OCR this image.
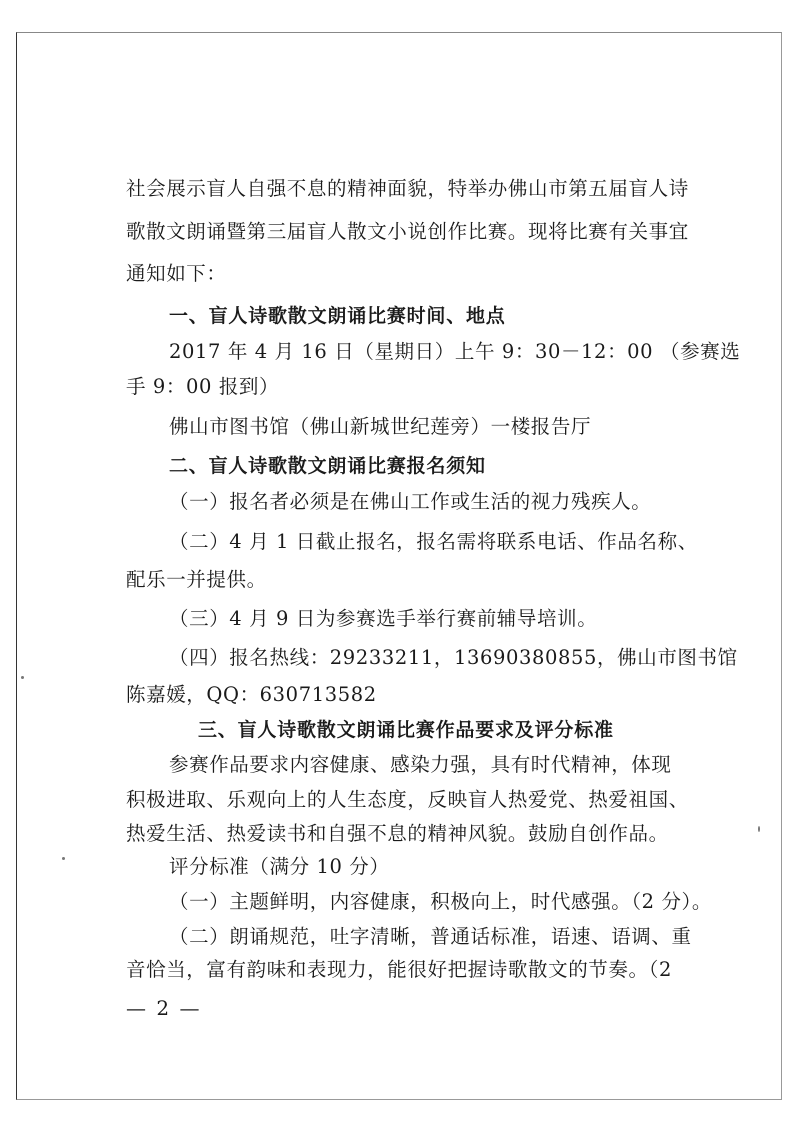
社会展示盲人自强不息的精神面貌，特举办佛山市第五届盲人诗
歌散文朗诵暨第三届盲人散文小说创作比赛。现将比赛有关事宜
通知如下：
一、盲人诗歌散文朗诵比赛时间、地点
2017 年 4 月 16 日（星期日）上午 9：30－12：00 （参赛选
手 9：00 报到）
佛山市图书馆（佛山新城世纪莲旁）一楼报告厅
二、盲人诗歌散文朗诵比赛报名须知
（一）报名者必须是在佛山工作或生活的视力残疾人。
（二）4 月 1 日截止报名，报名需将联系电话、作品名称、
配乐一并提供。
（三）4 月 9 日为参赛选手举行赛前辅导培训。
（四）报名热线：29233211，13690380855，佛山市图书馆
陈嘉媛，QQ：630713582
三、盲人诗歌散文朗诵比赛作品要求及评分标准
参赛作品要求内容健康、感染力强，具有时代精神，体现
积极进取、乐观向上的人生态度，反映盲人热爱党、热爱祖国、
热爱生活、热爱读书和自强不息的精神风貌。鼓励自创作品。
评分标准（满分 10 分）
（一）主题鲜明，内容健康，积极向上，时代感强。（2 分）。
（二）朗诵规范，吐字清晰，普通话标准，语速、语调、重
音恰当，富有韵味和表现力，能很好把握诗歌散文的节奏。（2
— 2 —
